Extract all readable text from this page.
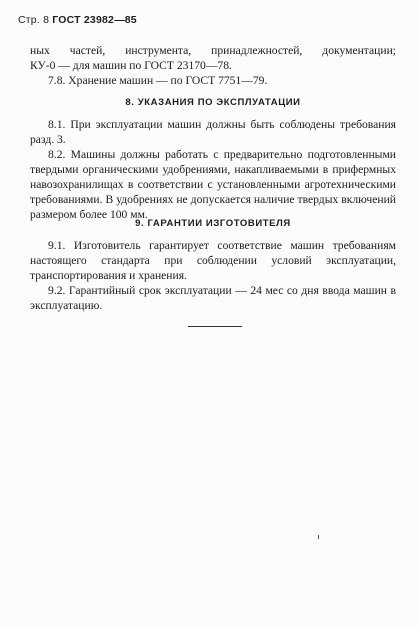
Стр. 8 ГОСТ 23982—85

ных частей, инструмента, принадлежностей, документации;

КУ-0 — для машин по ГОСТ 23170—78.

7.8. Хранение машин — по ГОСТ 7751—79.

8. УКАЗАНИЯ ПО ЭКСПЛУАТАЦИИ

8.1. При эксплуатации машин должны быть соблюдены требования разд. 3.

8.2. Машины должны работать с предварительно подготовленными твердыми органическими удобрениями, накапливаемыми в прифермных навозохранилищах в соответствии с установленными агротехническими требованиями. В удобрениях не допускается наличие твердых включений размером более 100 мм.

9. ГАРАНТИИ ИЗГОТОВИТЕЛЯ

9.1. Изготовитель гарантирует соответствие машин требованиям настоящего стандарта при соблюдении условий эксплуатации, транспортирования и хранения.

9.2. Гарантийный срок эксплуатации — 24 мес со дня ввода машин в эксплуатацию.
